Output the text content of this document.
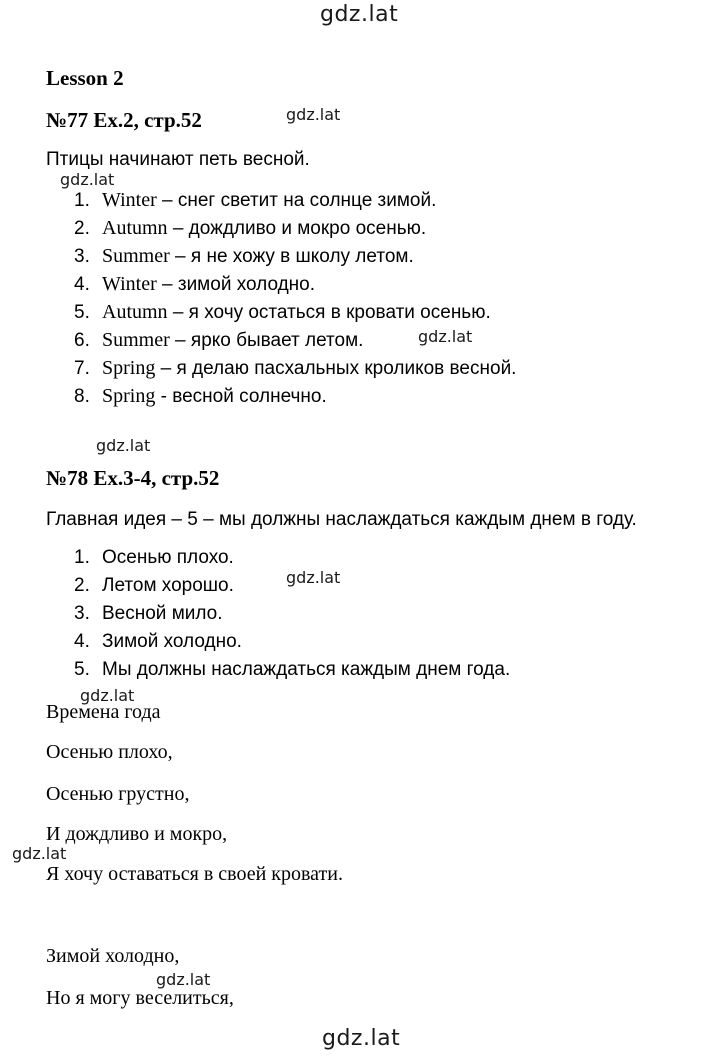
gdz.lat
gdz.lat
gdz.lat
gdz.lat
gdz.lat
gdz.lat
gdz.lat
gdz.lat
gdz.lat
gdz.lat
Lesson 2
№77 Ex.2, стр.52
Птицы начинают петь весной.
1. Winter – снег светит на солнце зимой.
2. Autumn – дождливо и мокро осенью.
3. Summer – я не хожу в школу летом.
4. Winter – зимой холодно.
5. Autumn – я хочу остаться в кровати осенью.
6. Summer – ярко бывает летом.
7. Spring – я делаю пасхальных кроликов весной.
8. Spring - весной солнечно.
№78 Ex.3-4, стр.52
Главная идея – 5 – мы должны наслаждаться каждым днем в году.
1. Осенью плохо.
2. Летом хорошо.
3. Весной мило.
4. Зимой холодно.
5. Мы должны наслаждаться каждым днем года.
Времена года
Осенью плохо,
Осенью грустно,
И дождливо и мокро,
Я хочу оставаться в своей кровати.
Зимой холодно,
Но я могу веселиться,
